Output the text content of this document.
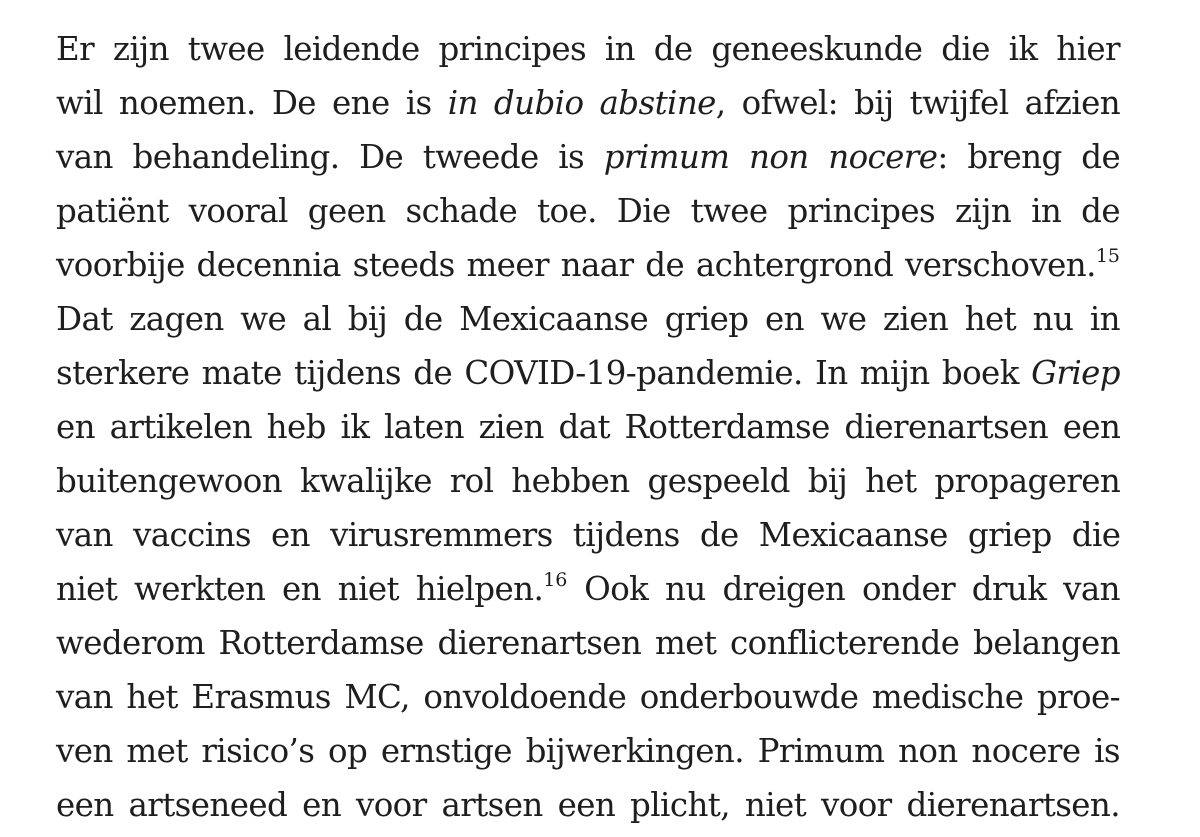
Er zijn twee leidende principes in de geneeskunde die ik hier
wil noemen. De ene is in dubio abstine, ofwel: bij twijfel afzien
van behandeling. De tweede is primum non nocere: breng de
patiënt vooral geen schade toe. Die twee principes zijn in de
voorbije decennia steeds meer naar de achtergrond verschoven.$^{15}$
Dat zagen we al bij de Mexicaanse griep en we zien het nu in
sterkere mate tijdens de COVID-19-pandemie. In mijn boek Griep
en artikelen heb ik laten zien dat Rotterdamse dierenartsen een
buitengewoon kwalijke rol hebben gespeeld bij het propageren
van vaccins en virusremmers tijdens de Mexicaanse griep die
niet werkten en niet hielpen.$^{16}$ Ook nu dreigen onder druk van
wederom Rotterdamse dierenartsen met conflicterende belangen
van het Erasmus MC, onvoldoende onderbouwde medische proe-
ven met risico’s op ernstige bijwerkingen. Primum non nocere is
een artseneed en voor artsen een plicht, niet voor dierenartsen.
